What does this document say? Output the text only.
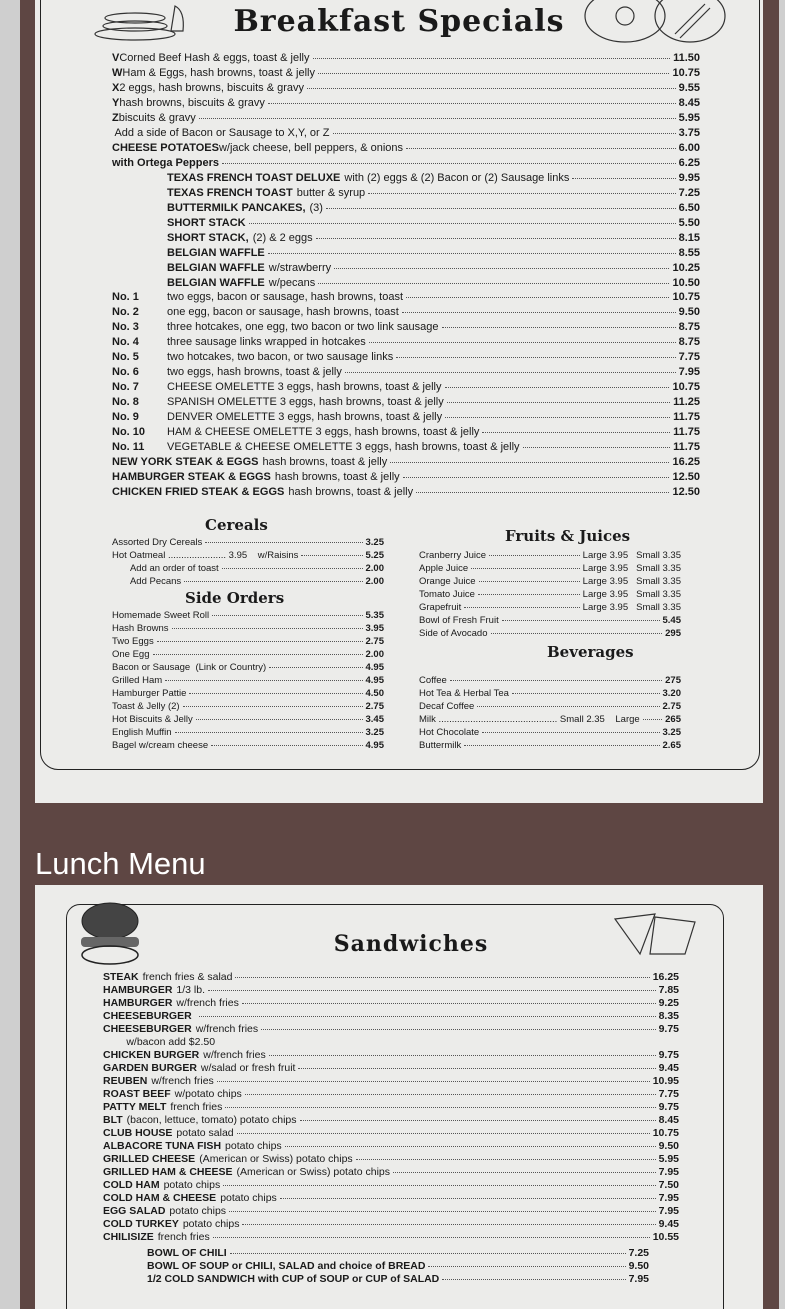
Breakfast Specials
V Corned Beef Hash & eggs, toast & jelly	11.50
W Ham & Eggs, hash browns, toast & jelly	10.75
X 2 eggs, hash browns, biscuits & gravy	9.55
Y hash browns, biscuits & gravy	8.45
Z biscuits & gravy	5.95
Add a side of Bacon or Sausage to X,Y, or Z	3.75
CHEESE POTATOES w/jack cheese, bell peppers, & onions	6.00
with Ortega Peppers	6.25
TEXAS FRENCH TOAST DELUXE with (2) eggs & (2) Bacon or (2) Sausage links	9.95
TEXAS FRENCH TOAST butter & syrup	7.25
BUTTERMILK PANCAKES, (3)	6.50
SHORT STACK	5.50
SHORT STACK, (2) & 2 eggs	8.15
BELGIAN WAFFLE	8.55
BELGIAN WAFFLE w/strawberry	10.25
BELGIAN WAFFLE w/pecans	10.50
No. 1	two eggs, bacon or sausage, hash browns, toast	10.75
No. 2	one egg, bacon or sausage, hash browns, toast	9.50
No. 3	three hotcakes, one egg, two bacon or two link sausage	8.75
No. 4	three sausage links wrapped in hotcakes	8.75
No. 5	two hotcakes, two bacon, or two sausage links	7.75
No. 6	two eggs, hash browns, toast & jelly	7.95
No. 7	CHEESE OMELETTE 3 eggs, hash browns, toast & jelly	10.75
No. 8	SPANISH OMELETTE 3 eggs, hash browns, toast & jelly	11.25
No. 9	DENVER OMELETTE 3 eggs, hash browns, toast & jelly	11.75
No. 10	HAM & CHEESE OMELETTE 3 eggs, hash browns, toast & jelly	11.75
No. 11	VEGETABLE & CHEESE OMELETTE 3 eggs, hash browns, toast & jelly	11.75
NEW YORK STEAK & EGGS hash browns, toast & jelly	16.25
HAMBURGER STEAK & EGGS hash browns, toast & jelly	12.50
CHICKEN FRIED STEAK & EGGS hash browns, toast & jelly	12.50
Cereals
Assorted Dry Cereals	3.25
Hot Oatmeal ...................... 3.95    w/Raisins	5.25
Add an order of toast	2.00
Add Pecans	2.00
Side Orders
Homemade Sweet Roll	5.35
Hash Browns	3.95
Two Eggs	2.75
One Egg	2.00
Bacon or Sausage  (Link or Country)	4.95
Grilled Ham	4.95
Hamburger Pattie	4.50
Toast & Jelly (2)	2.75
Hot Biscuits & Jelly	3.45
English Muffin	3.25
Bagel w/cream cheese	4.95
Fruits & Juices
Cranberry Juice	Large 3.95 Small 3.35
Apple Juice	Large 3.95 Small 3.35
Orange Juice	Large 3.95 Small 3.35
Tomato Juice	Large 3.95 Small 3.35
Grapefruit	Large 3.95 Small 3.35
Bowl of Fresh Fruit	5.45
Side of Avocado	295
Beverages
Coffee	275
Hot Tea & Herbal Tea	3.20
Decaf Coffee	2.75
Milk ............................................. Small 2.35    Large	265
Hot Chocolate	3.25
Buttermilk	2.65
Lunch Menu
Sandwiches
STEAK french fries & salad	16.25
HAMBURGER 1/3 lb.	7.85
HAMBURGER w/french fries	9.25
CHEESEBURGER	8.35
CHEESEBURGER w/french fries	9.75
w/bacon add $2.50
CHICKEN BURGER w/french fries	9.75
GARDEN BURGER w/salad or fresh fruit	9.45
REUBEN w/french fries	10.95
ROAST BEEF w/potato chips	7.75
PATTY MELT french fries	9.75
BLT (bacon, lettuce, tomato) potato chips	8.45
CLUB HOUSE potato salad	10.75
ALBACORE TUNA FISH potato chips	9.50
GRILLED CHEESE (American or Swiss) potato chips	5.95
GRILLED HAM & CHEESE (American or Swiss) potato chips	7.95
COLD HAM potato chips	7.50
COLD HAM & CHEESE potato chips	7.95
EGG SALAD potato chips	7.95
COLD TURKEY potato chips	9.45
CHILISIZE french fries	10.55
BOWL OF CHILI	7.25
BOWL OF SOUP or CHILI, SALAD and choice of BREAD	9.50
1/2 COLD SANDWICH with CUP of SOUP or CUP of SALAD	7.95
